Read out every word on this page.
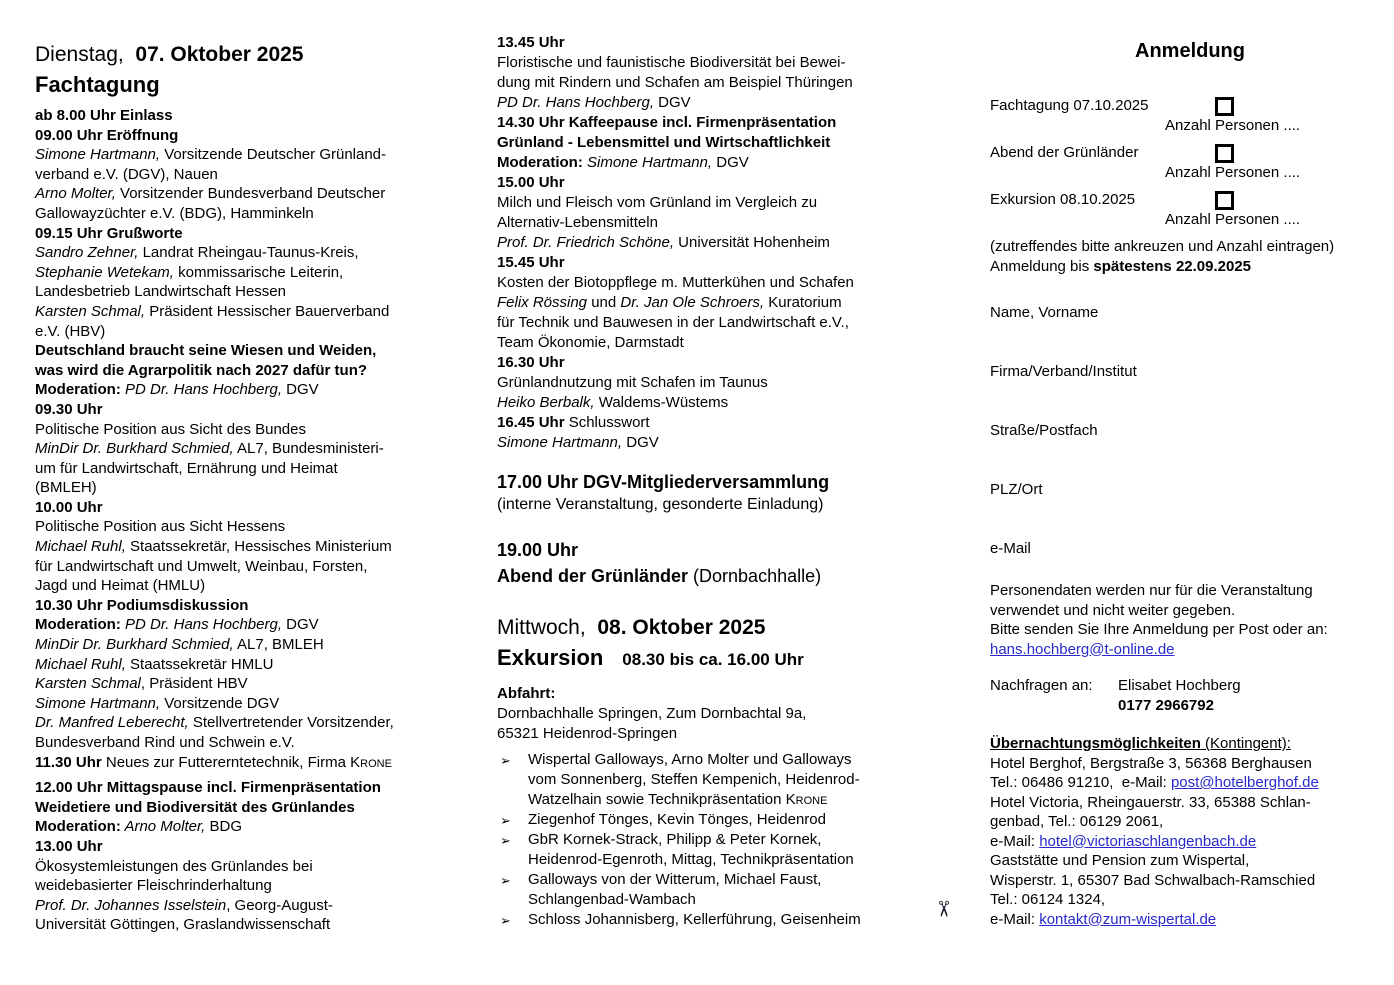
Dienstag,  07. Oktober 2025
Fachtagung
ab 8.00 Uhr Einlass
09.00 Uhr Eröffnung
Simone Hartmann, Vorsitzende Deutscher Grünland-
verband e.V. (DGV), Nauen
Arno Molter, Vorsitzender Bundesverband Deutscher
Gallowayzüchter e.V. (BDG), Hamminkeln
09.15 Uhr Grußworte
Sandro Zehner, Landrat Rheingau-Taunus-Kreis,
Stephanie Wetekam, kommissarische Leiterin,
Landesbetrieb Landwirtschaft Hessen
Karsten Schmal, Präsident Hessischer Bauerverband
e.V. (HBV)
Deutschland braucht seine Wiesen und Weiden,
was wird die Agrarpolitik nach 2027 dafür tun?
Moderation: PD Dr. Hans Hochberg, DGV
09.30 Uhr
Politische Position aus Sicht des Bundes
MinDir Dr. Burkhard Schmied, AL7, Bundesministeri-
um für Landwirtschaft, Ernährung und Heimat
(BMLEH)
10.00 Uhr
Politische Position aus Sicht Hessens
Michael Ruhl, Staatssekretär, Hessisches Ministerium
für Landwirtschaft und Umwelt, Weinbau, Forsten,
Jagd und Heimat (HMLU)
10.30 Uhr Podiumsdiskussion
Moderation: PD Dr. Hans Hochberg, DGV
MinDir Dr. Burkhard Schmied, AL7, BMLEH
Michael Ruhl, Staatssekretär HMLU
Karsten Schmal, Präsident HBV
Simone Hartmann, Vorsitzende DGV
Dr. Manfred Leberecht, Stellvertretender Vorsitzender,
Bundesverband Rind und Schwein e.V.
11.30 Uhr Neues zur Futtererntetechnik, Firma Krone
12.00 Uhr Mittagspause incl. Firmenpräsentation
Weidetiere und Biodiversität des Grünlandes
Moderation: Arno Molter, BDG
13.00 Uhr
Ökosystemleistungen des Grünlandes bei
weidebasierter Fleischrinderhaltung
Prof. Dr. Johannes Isselstein, Georg-August-
Universität Göttingen, Graslandwissenschaft
13.45 Uhr
Floristische und faunistische Biodiversität bei Bewei-
dung mit Rindern und Schafen am Beispiel Thüringen
PD Dr. Hans Hochberg, DGV
14.30 Uhr Kaffeepause incl. Firmenpräsentation
Grünland - Lebensmittel und Wirtschaftlichkeit
Moderation: Simone Hartmann, DGV
15.00 Uhr
Milch und Fleisch vom Grünland im Vergleich zu
Alternativ-Lebensmitteln
Prof. Dr. Friedrich Schöne, Universität Hohenheim
15.45 Uhr
Kosten der Biotoppflege m. Mutterkühen und Schafen
Felix Rössing und Dr. Jan Ole Schroers, Kuratorium
für Technik und Bauwesen in der Landwirtschaft e.V.,
Team Ökonomie, Darmstadt
16.30 Uhr
Grünlandnutzung mit Schafen im Taunus
Heiko Berbalk, Waldems-Wüstems
16.45 Uhr Schlusswort
Simone Hartmann, DGV
17.00 Uhr DGV-Mitgliederversammlung
(interne Veranstaltung, gesonderte Einladung)
19.00 Uhr
Abend der Grünländer (Dornbachhalle)
Mittwoch,  08. Oktober 2025
Exkursion 08.30 bis ca. 16.00 Uhr
Abfahrt:
Dornbachhalle Springen, Zum Dornbachtal 9a,
65321 Heidenrod-Springen
➢ Wispertal Galloways, Arno Molter und Galloways
vom Sonnenberg, Steffen Kempenich, Heidenrod-
Watzelhain sowie Technikpräsentation Krone
➢ Ziegenhof Tönges, Kevin Tönges, Heidenrod
➢ GbR Kornek-Strack, Philipp & Peter Kornek,
Heidenrod-Egenroth, Mittag, Technikpräsentation
➢ Galloways von der Witterum, Michael Faust,
Schlangenbad-Wambach
➢ Schloss Johannisberg, Kellerführung, Geisenheim
Anmeldung
Fachtagung 07.10.2025
Anzahl Personen ....
Abend der Grünländer
Anzahl Personen ....
Exkursion 08.10.2025
Anzahl Personen ....
(zutreffendes bitte ankreuzen und Anzahl eintragen)
Anmeldung bis spätestens 22.09.2025
Name, Vorname
Firma/Verband/Institut
Straße/Postfach
PLZ/Ort
e-Mail
Personendaten werden nur für die Veranstaltung
verwendet und nicht weiter gegeben.
Bitte senden Sie Ihre Anmeldung per Post oder an:
hans.hochberg@t-online.de
Nachfragen an: Elisabet Hochberg
0177 2966792
Übernachtungsmöglichkeiten (Kontingent):
Hotel Berghof, Bergstraße 3, 56368 Berghausen
Tel.: 06486 91210,  e-Mail: post@hotelberghof.de
Hotel Victoria, Rheingauerstr. 33, 65388 Schlan-
genbad, Tel.: 06129 2061,
e-Mail: hotel@victoriaschlangenbach.de
Gaststätte und Pension zum Wispertal,
Wisperstr. 1, 65307 Bad Schwalbach-Ramschied
Tel.: 06124 1324,
e-Mail: kontakt@zum-wispertal.de
✂
